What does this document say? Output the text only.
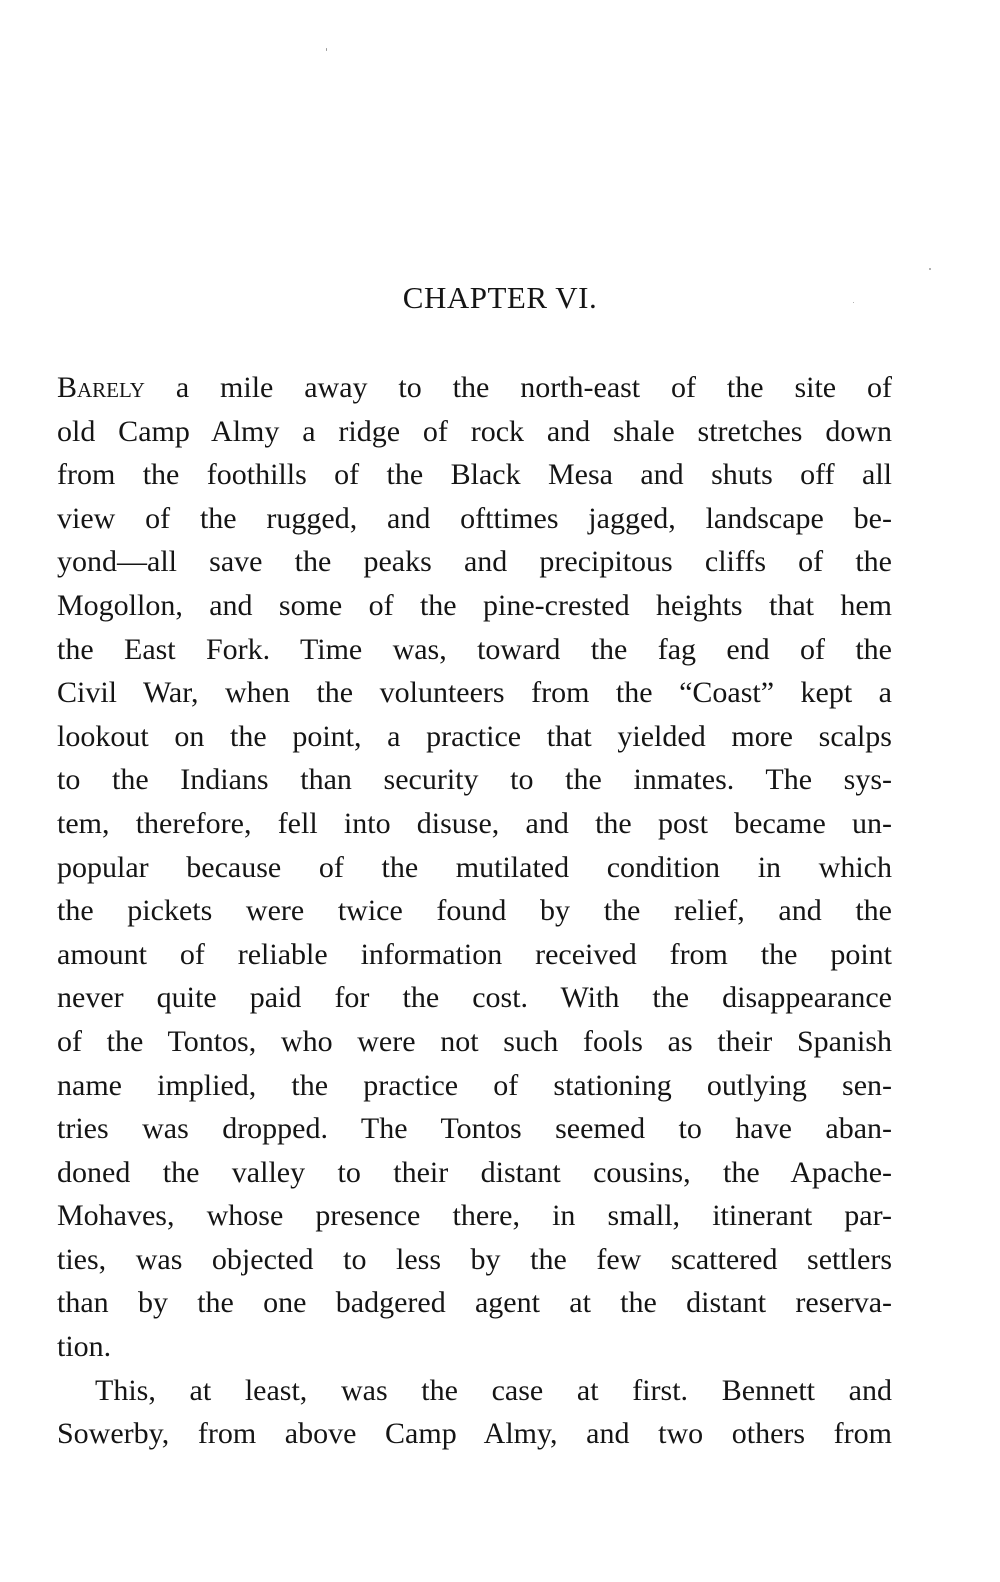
CHAPTER VI.
Barely a mile away to the north-east of the site of
old Camp Almy a ridge of rock and shale stretches down
from the foothills of the Black Mesa and shuts off all
view of the rugged, and ofttimes jagged, landscape be-
yond—all save the peaks and precipitous cliffs of the
Mogollon, and some of the pine-crested heights that hem
the East Fork. Time was, toward the fag end of the
Civil War, when the volunteers from the “Coast” kept a
lookout on the point, a practice that yielded more scalps
to the Indians than security to the inmates. The sys-
tem, therefore, fell into disuse, and the post became un-
popular because of the mutilated condition in which
the pickets were twice found by the relief, and the
amount of reliable information received from the point
never quite paid for the cost. With the disappearance
of the Tontos, who were not such fools as their Spanish
name implied, the practice of stationing outlying sen-
tries was dropped. The Tontos seemed to have aban-
doned the valley to their distant cousins, the Apache-
Mohaves, whose presence there, in small, itinerant par-
ties, was objected to less by the few scattered settlers
than by the one badgered agent at the distant reserva-
tion.
This, at least, was the case at first. Bennett and
Sowerby, from above Camp Almy, and two others from
